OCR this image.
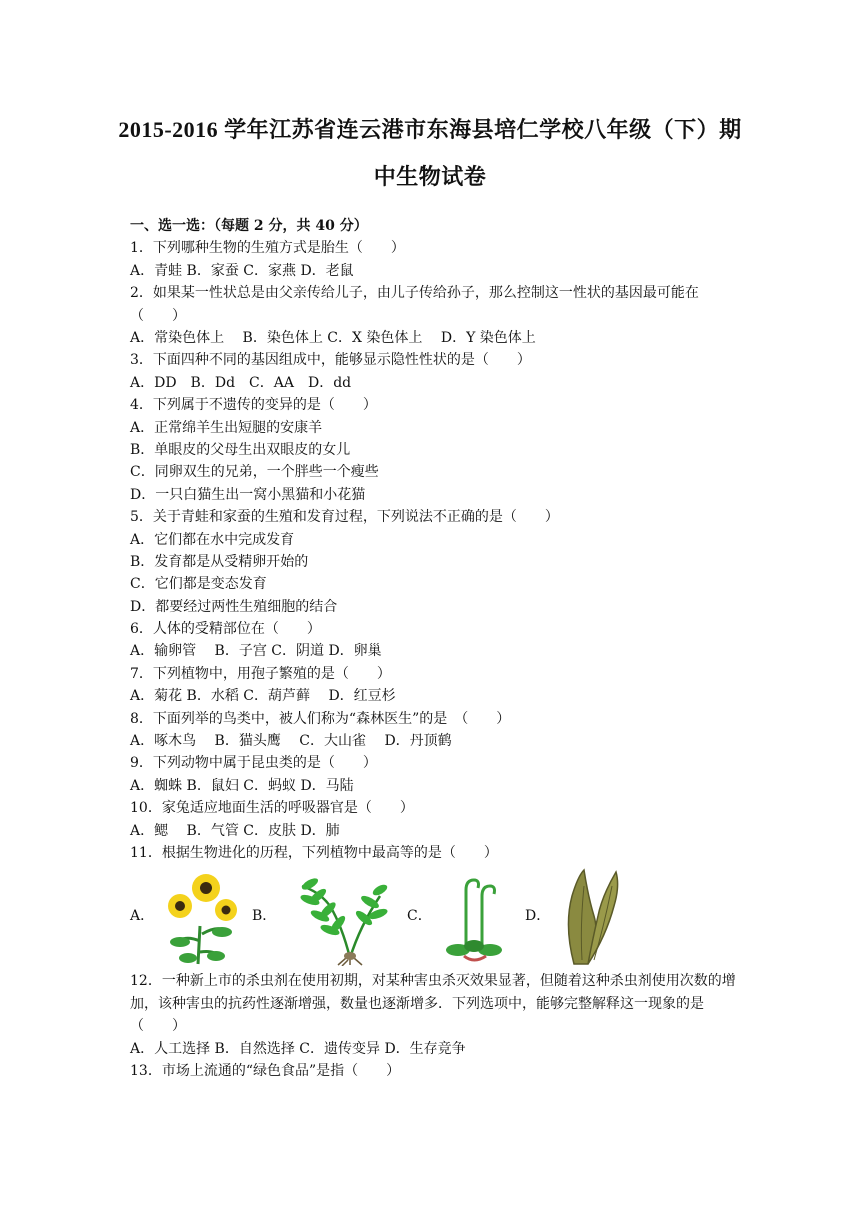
2015-2016 学年江苏省连云港市东海县培仁学校八年级（下）期
中生物试卷
一、选一选：（每题 2 分，共 40 分）
1．下列哪种生物的生殖方式是胎生（　　）
A．青蛙 B．家蚕 C．家燕 D．老鼠
2．如果某一性状总是由父亲传给儿子，由儿子传给孙子，那么控制这一性状的基因最可能在（　　）
A．常染色体上　 B．染色体上 C．X 染色体上　 D．Y 染色体上
3．下面四种不同的基因组成中，能够显示隐性性状的是（　　）
A．DD　B．Dd　C．AA　D．dd
4．下列属于不遗传的变异的是（　　）
A．正常绵羊生出短腿的安康羊
B．单眼皮的父母生出双眼皮的女儿
C．同卵双生的兄弟，一个胖些一个瘦些
D．一只白猫生出一窝小黑猫和小花猫
5．关于青蛙和家蚕的生殖和发育过程，下列说法不正确的是（　　）
A．它们都在水中完成发育
B．发育都是从受精卵开始的
C．它们都是变态发育
D．都要经过两性生殖细胞的结合
6．人体的受精部位在（　　）
A．输卵管　 B．子宫 C．阴道 D．卵巢
7．下列植物中，用孢子繁殖的是（　　）
A．菊花 B．水稻 C．葫芦藓　 D．红豆杉
8．下面列举的鸟类中，被人们称为“森林医生”的是　（　　）
A．啄木鸟　 B．猫头鹰　 C．大山雀　 D．丹顶鹤
9．下列动物中属于昆虫类的是（　　）
A．蜘蛛 B．鼠妇 C．蚂蚁 D．马陆
10．家兔适应地面生活的呼吸器官是（　　）
A．鳃　 B．气管 C．皮肤 D．肺
11．根据生物进化的历程，下列植物中最高等的是（　　）
A．	B．	C．	D．
12．一种新上市的杀虫剂在使用初期，对某种害虫杀灭效果显著，但随着这种杀虫剂使用次数的增加，该种害虫的抗药性逐渐增强，数量也逐渐增多．下列选项中，能够完整解释这一现象的是（　　）
A．人工选择 B．自然选择 C．遗传变异 D．生存竞争
13．市场上流通的“绿色食品”是指（　　）
